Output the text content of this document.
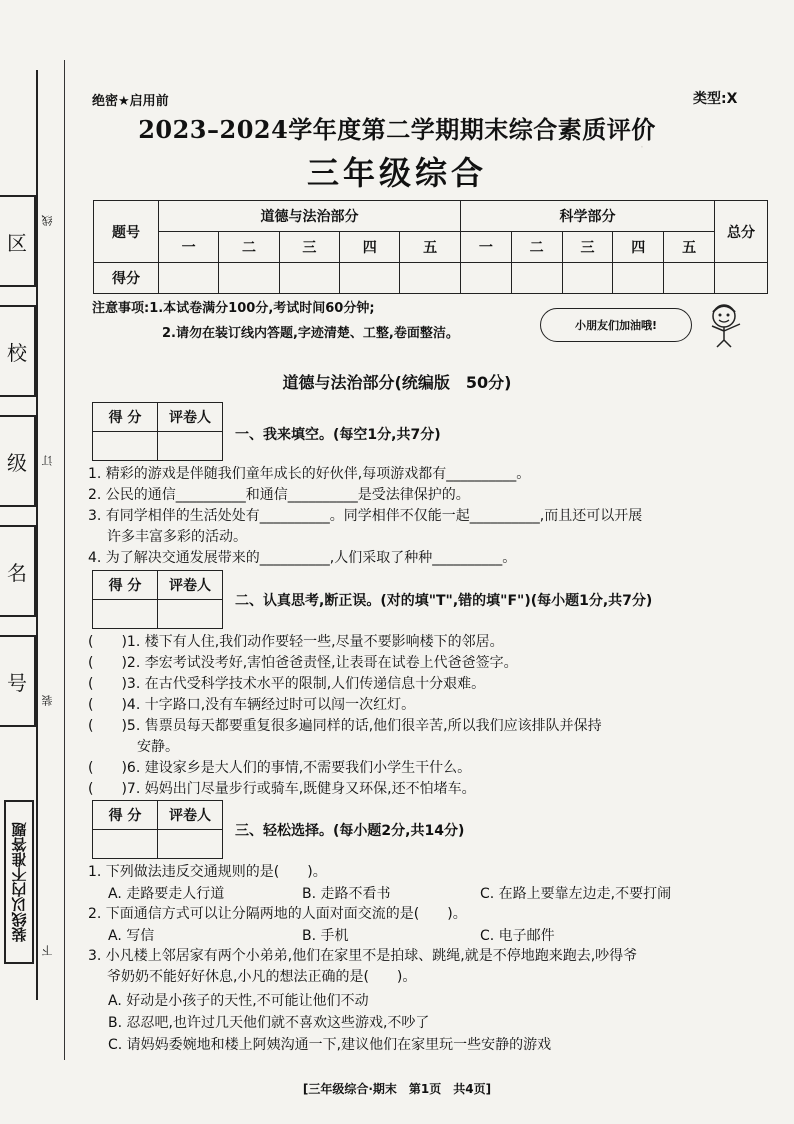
区
校
级
名
号
线
订
装
下
装线以内不准答题
绝密★启用前	类型:X
2023–2024学年度第二学期期末综合素质评价
三年级综合
题号	道德与法治部分					科学部分					总分
	一	二	三	四	五	一	二	三	四	五	
得分											
注意事项:1.本试卷满分100分,考试时间60分钟;
2.请勿在装订线内答题,字迹清楚、工整,卷面整洁。
小朋友们加油哦!
·
道德与法治部分(统编版　50分)
得 分	评卷人

一、我来填空。(每空1分,共7分)
1. 精彩的游戏是伴随我们童年成长的好伙伴,每项游戏都有__________。
2. 公民的通信__________和通信__________是受法律保护的。
3. 有同学相伴的生活处处有__________。同学相伴不仅能一起__________,而且还可以开展
许多丰富多彩的活动。
4. 为了解决交通发展带来的__________,人们采取了种种__________。
得 分	评卷人

二、认真思考,断正误。(对的填"T",错的填"F")(每小题1分,共7分)
(　　)1. 楼下有人住,我们动作要轻一些,尽量不要影响楼下的邻居。
(　　)2. 李宏考试没考好,害怕爸爸责怪,让表哥在试卷上代爸爸签字。
(　　)3. 在古代受科学技术水平的限制,人们传递信息十分艰难。
(　　)4. 十字路口,没有车辆经过时可以闯一次红灯。
(　　)5. 售票员每天都要重复很多遍同样的话,他们很辛苦,所以我们应该排队并保持
安静。
(　　)6. 建设家乡是大人们的事情,不需要我们小学生干什么。
(　　)7. 妈妈出门尽量步行或骑车,既健身又环保,还不怕堵车。
得 分	评卷人

三、轻松选择。(每小题2分,共14分)
1. 下列做法违反交通规则的是(　　)。
A. 走路要走人行道	B. 走路不看书	C. 在路上要靠左边走,不要打闹
2. 下面通信方式可以让分隔两地的人面对面交流的是(　　)。
A. 写信	B. 手机	C. 电子邮件
3. 小凡楼上邻居家有两个小弟弟,他们在家里不是拍球、跳绳,就是不停地跑来跑去,吵得爷
爷奶奶不能好好休息,小凡的想法正确的是(　　)。
A. 好动是小孩子的天性,不可能让他们不动
B. 忍忍吧,也许过几天他们就不喜欢这些游戏,不吵了
C. 请妈妈委婉地和楼上阿姨沟通一下,建议他们在家里玩一些安静的游戏
[三年级综合·期末　第1页　共4页]
